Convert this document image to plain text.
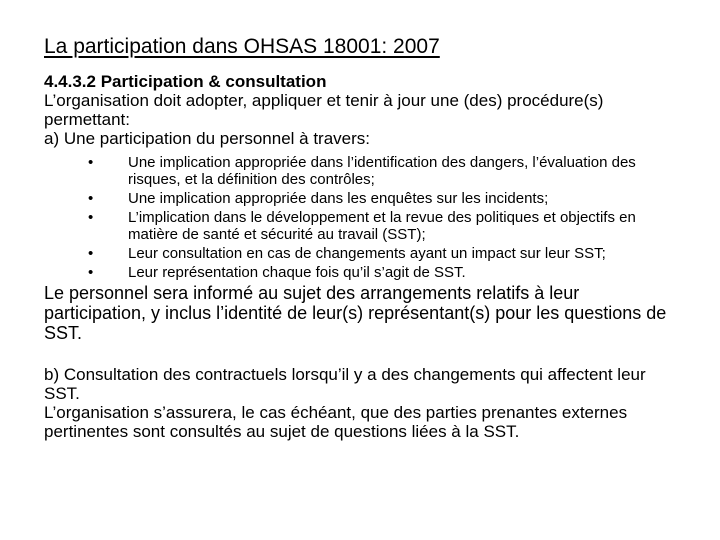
La participation dans OHSAS 18001: 2007

4.4.3.2 Participation & consultation

L’organisation doit adopter, appliquer et tenir à jour une (des) procédure(s) permettant:

a) Une participation du personnel à travers:

• Une implication appropriée dans l’identification des dangers, l’évaluation des risques, et la définition des contrôles;
• Une implication appropriée dans les enquêtes sur les incidents;
• L’implication dans le développement et la revue des politiques et objectifs en matière de santé et sécurité au travail (SST);
• Leur consultation en cas de changements ayant un impact sur leur SST;
• Leur représentation chaque fois qu’il s’agit de SST.

Le personnel sera informé au sujet des arrangements relatifs à leur participation, y inclus l’identité de leur(s) représentant(s) pour les questions de SST.

b) Consultation des contractuels lorsqu’il y a des changements qui affectent leur SST.

L’organisation s’assurera, le cas échéant, que des parties prenantes externes pertinentes sont consultés au sujet de questions liées à la SST.
